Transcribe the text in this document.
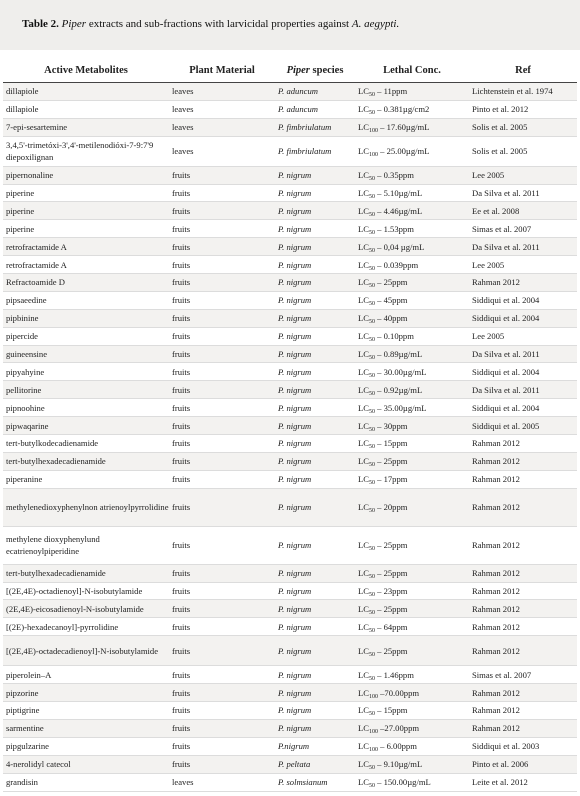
Table 2. Piper extracts and sub-fractions with larvicidal properties against A. aegypti.
Active Metabolites	Plant Material	Piper species	Lethal Conc.	Ref
dillapiole	leaves	P. aduncum	$LC_{50} - 11ppm$	Lichtenstein et al. 1974
dillapiole	leaves	P. aduncum	$LC_{50} - 0.381\mu g/cm2$	Pinto et al. 2012
7-epi-sesartemine	leaves	P. fimbriulatum	$LC_{100} - 17.60\mu g/mL$	Solis et al. 2005
3,4,5'-trimetóxi-3',4'-metilenodióxi-7-9:7'9 diepoxilignan	leaves	P. fimbriulatum	$LC_{100} - 25.00\mu g/mL$	Solis et al. 2005
pipernonaline	fruits	P. nigrum	$LC_{50} - 0.35ppm$	Lee 2005
piperine	fruits	P. nigrum	$LC_{50} - 5.10\mu g/mL$	Da Silva et al. 2011
piperine	fruits	P. nigrum	$LC_{50} - 4.46\mu g/mL$	Ee et al. 2008
piperine	fruits	P. nigrum	$LC_{50} - 1.53ppm$	Simas et al. 2007
retrofractamide A	fruits	P. nigrum	$LC_{50} - 0,04$ µg/mL	Da Silva et al. 2011
retrofractamide A	fruits	P. nigrum	$LC_{50} - 0.039ppm$	Lee 2005
Refractoamide D	fruits	P. nigrum	$LC_{50} - 25ppm$	Rahman 2012
pipsaeedine	fruits	P. nigrum	$LC_{50} - 45ppm$	Siddiqui et al. 2004
pipbinine	fruits	P. nigrum	$LC_{50} - 40ppm$	Siddiqui et al. 2004
pipercide	fruits	P. nigrum	$LC_{50} - 0.10ppm$	Lee 2005
guineensine	fruits	P. nigrum	$LC_{50} - 0.89\mu g/mL$	Da Silva et al. 2011
pipyahyine	fruits	P. nigrum	$LC_{50} - 30.00\mu g/mL$	Siddiqui et al. 2004
pellitorine	fruits	P. nigrum	$LC_{50} - 0.92\mu g/mL$	Da Silva et al. 2011
pipnoohine	fruits	P. nigrum	$LC_{50} - 35.00\mu g/mL$	Siddiqui et al. 2004
pipwaqarine	fruits	P. nigrum	$LC_{50} - 30ppm$	Siddiqui et al. 2005
tert-butylkodecadienamide	fruits	P. nigrum	$LC_{50} - 15ppm$	Rahman 2012
tert-butylhexadecadienamide	fruits	P. nigrum	$LC_{50} - 25ppm$	Rahman 2012
piperanine	fruits	P. nigrum	$LC_{50} - 17ppm$	Rahman 2012
methylenedioxyphenylnon atrienoylpyrrolidine	fruits	P. nigrum	$LC_{50} - 20ppm$	Rahman 2012
methylene dioxyphenylund ecatrienoylpiperidine	fruits	P. nigrum	$LC_{50} - 25ppm$	Rahman 2012
tert-butylhexadecadienamide	fruits	P. nigrum	$LC_{50} - 25ppm$	Rahman 2012
[(2E,4E)-octadienoyl]-N-isobutylamide	fruits	P. nigrum	$LC_{50} - 23ppm$	Rahman 2012
(2E,4E)-eicosadienoyl-N-isobutylamide	fruits	P. nigrum	$LC_{50} - 25ppm$	Rahman 2012
[(2E)-hexadecanoyl]-pyrrolidine	fruits	P. nigrum	$LC_{50} - 64ppm$	Rahman 2012
[(2E,4E)-octadecadienoyl]-N-isobutylamide	fruits	P. nigrum	$LC_{50} - 25ppm$	Rahman 2012
piperolein–A	fruits	P. nigrum	$LC_{50} - 1.46ppm$	Simas et al. 2007
pipzorine	fruits	P. nigrum	$LC_{100}$ –70.00ppm	Rahman 2012
piptigrine	fruits	P. nigrum	$LC_{50} - 15ppm$	Rahman 2012
sarmentine	fruits	P. nigrum	$LC_{100}$ –27.00ppm	Rahman 2012
pipgulzarine	fruits	P.nigrum	$LC_{100} - 6.00ppm$	Siddiqui et al. 2003
4-nerolidyl catecol	fruits	P. peltata	$LC_{50} - 9.10\mu g/mL$	Pinto et al. 2006
grandisin	leaves	P. solmsianum	$LC_{50} - 150.00\mu g/mL$	Leite et al. 2012
